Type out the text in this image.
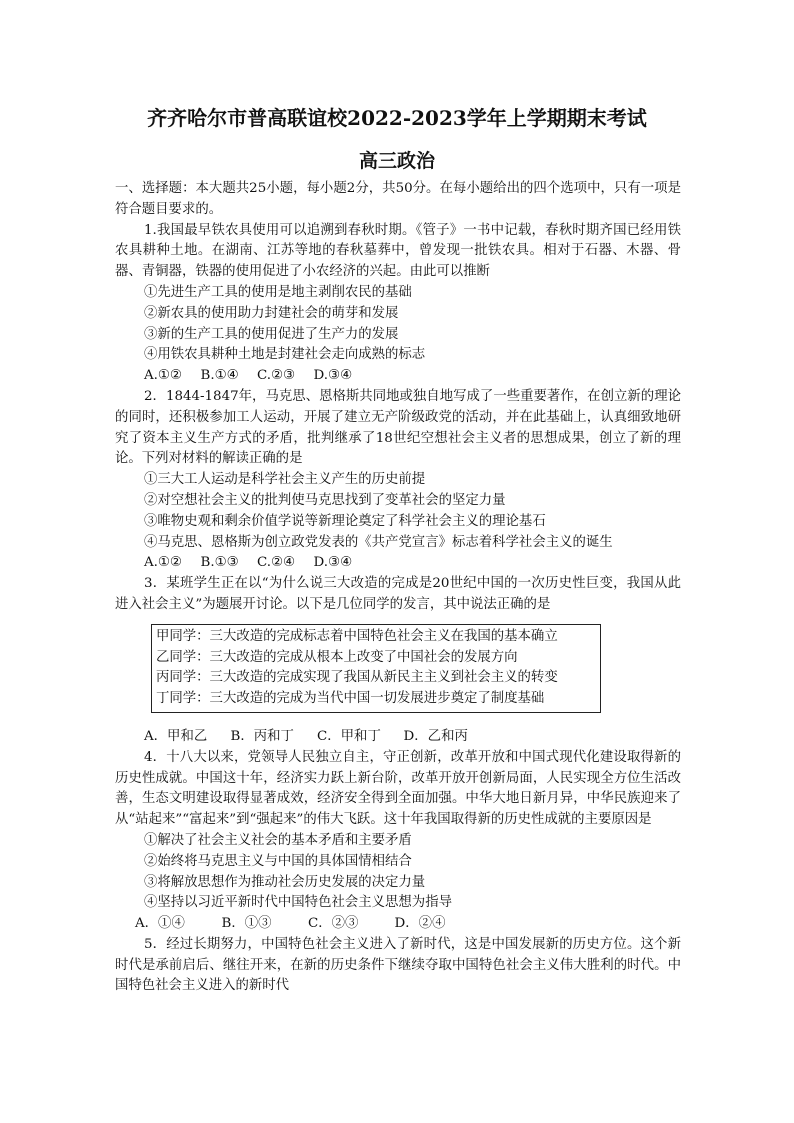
齐齐哈尔市普高联谊校2022-2023学年上学期期末考试
高三政治

一、选择题：本大题共25小题，每小题2分，共50分。在每小题给出的四个选项中，只有一项是符合题目要求的。

1.我国最早铁农具使用可以追溯到春秋时期。《管子》一书中记载，春秋时期齐国已经用铁农具耕种土地。在湖南、江苏等地的春秋墓葬中，曾发现一批铁农具。相对于石器、木器、骨器、青铜器，铁器的使用促进了小农经济的兴起。由此可以推断

①先进生产工具的使用是地主剥削农民的基础

②新农具的使用助力封建社会的萌芽和发展

③新的生产工具的使用促进了生产力的发展

④用铁农具耕种土地是封建社会走向成熟的标志

A.①② B.①④ C.②③ D.③④

2．1844-1847年，马克思、恩格斯共同地或独自地写成了一些重要著作，在创立新的理论的同时，还积极参加工人运动，开展了建立无产阶级政党的活动，并在此基础上，认真细致地研究了资本主义生产方式的矛盾，批判继承了18世纪空想社会主义者的思想成果，创立了新的理论。下列对材料的解读正确的是

①三大工人运动是科学社会主义产生的历史前提

②对空想社会主义的批判使马克思找到了变革社会的坚定力量

③唯物史观和剩余价值学说等新理论奠定了科学社会主义的理论基石

④马克思、恩格斯为创立政党发表的《共产党宣言》标志着科学社会主义的诞生

A.①② B.①③ C.②④ D.③④

3．某班学生正在以“为什么说三大改造的完成是20世纪中国的一次历史性巨变，我国从此进入社会主义”为题展开讨论。以下是几位同学的发言，其中说法正确的是

甲同学：三大改造的完成标志着中国特色社会主义在我国的基本确立

乙同学：三大改造的完成从根本上改变了中国社会的发展方向

丙同学：三大改造的完成实现了我国从新民主主义到社会主义的转变

丁同学：三大改造的完成为当代中国一切发展进步奠定了制度基础

A．甲和乙 B．丙和丁 C．甲和丁 D．乙和丙

4．十八大以来，党领导人民独立自主，守正创新，改革开放和中国式现代化建设取得新的历史性成就。中国这十年，经济实力跃上新台阶，改革开放开创新局面，人民实现全方位生活改善，生态文明建设取得显著成效，经济安全得到全面加强。中华大地日新月异，中华民族迎来了从“站起来”“富起来”到“强起来”的伟大飞跃。这十年我国取得新的历史性成就的主要原因是

①解决了社会主义社会的基本矛盾和主要矛盾

②始终将马克思主义与中国的具体国情相结合

③将解放思想作为推动社会历史发展的决定力量

④坚持以习近平新时代中国特色社会主义思想为指导

A．①④	B．①③	C．②③	D．②④

5．经过长期努力，中国特色社会主义进入了新时代，这是中国发展新的历史方位。这个新时代是承前启后、继往开来，在新的历史条件下继续夺取中国特色社会主义伟大胜利的时代。中国特色社会主义进入的新时代
